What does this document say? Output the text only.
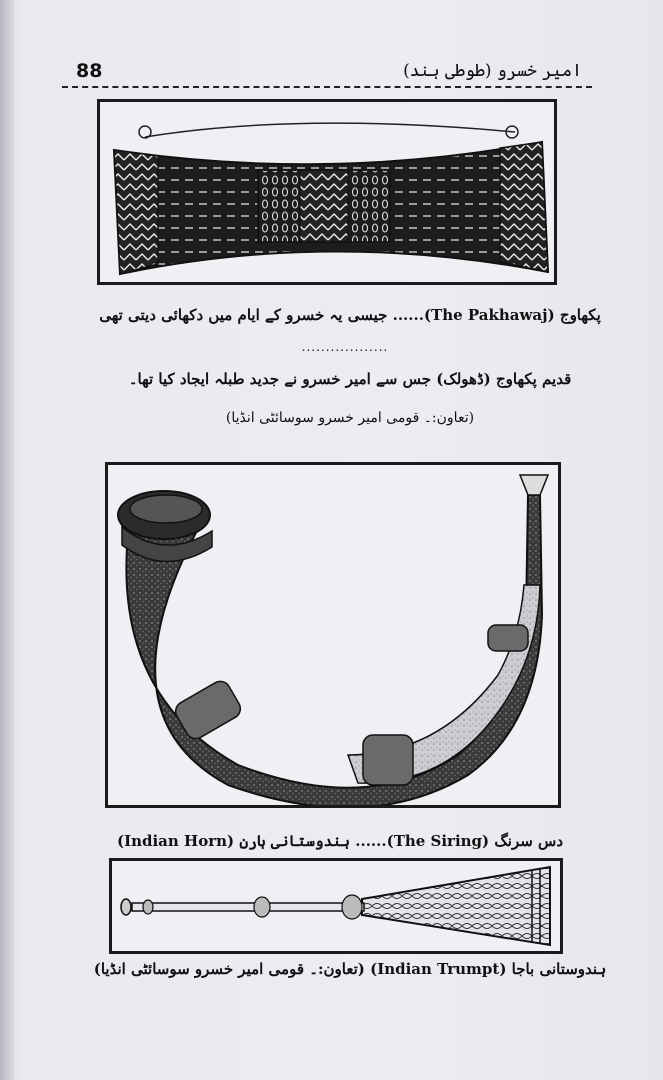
88	امیر خسرو (طوطی ہند)
پکھاوج (The Pakhawaj)...... جیسی یہ خسرو کے ایام میں دکھائی دیتی تھی
..................
قدیم پکھاوج (ڈھولک) جس سے امیر خسرو نے جدید طبلہ ایجاد کیا تھا۔
(تعاون:۔ قومی امیر خسرو سوسائٹی انڈیا)
دس سرنگ (The Siring)...... ہندوستانی ہارن (Indian Horn)
ہندوستانی باجا (Indian Trumpt) (تعاون:۔ قومی امیر خسرو سوسائٹی انڈیا)
